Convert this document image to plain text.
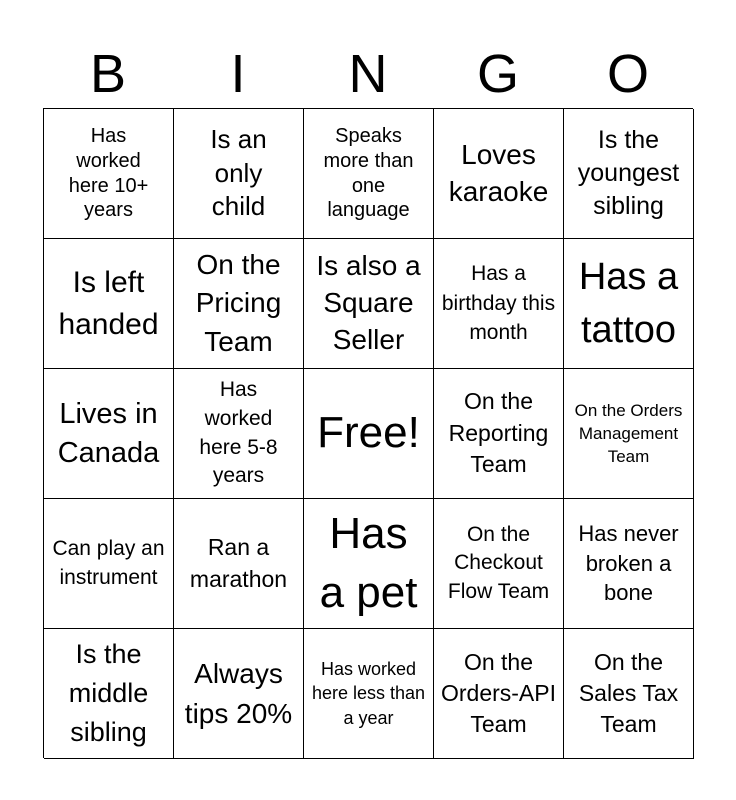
B	I	N	G	O
Has worked here 10+ years
Is an only child
Speaks more than one language
Loves karaoke
Is the youngest sibling
Is left handed
On the Pricing Team
Is also a Square Seller
Has a birthday this month
Has a tattoo
Lives in Canada
Has worked here 5-8 years
Free!
On the Reporting Team
On the Orders Management Team
Can play an instrument
Ran a marathon
Has a pet
On the Checkout Flow Team
Has never broken a bone
Is the middle sibling
Always tips 20%
Has worked here less than a year
On the Orders-API Team
On the Sales Tax Team
